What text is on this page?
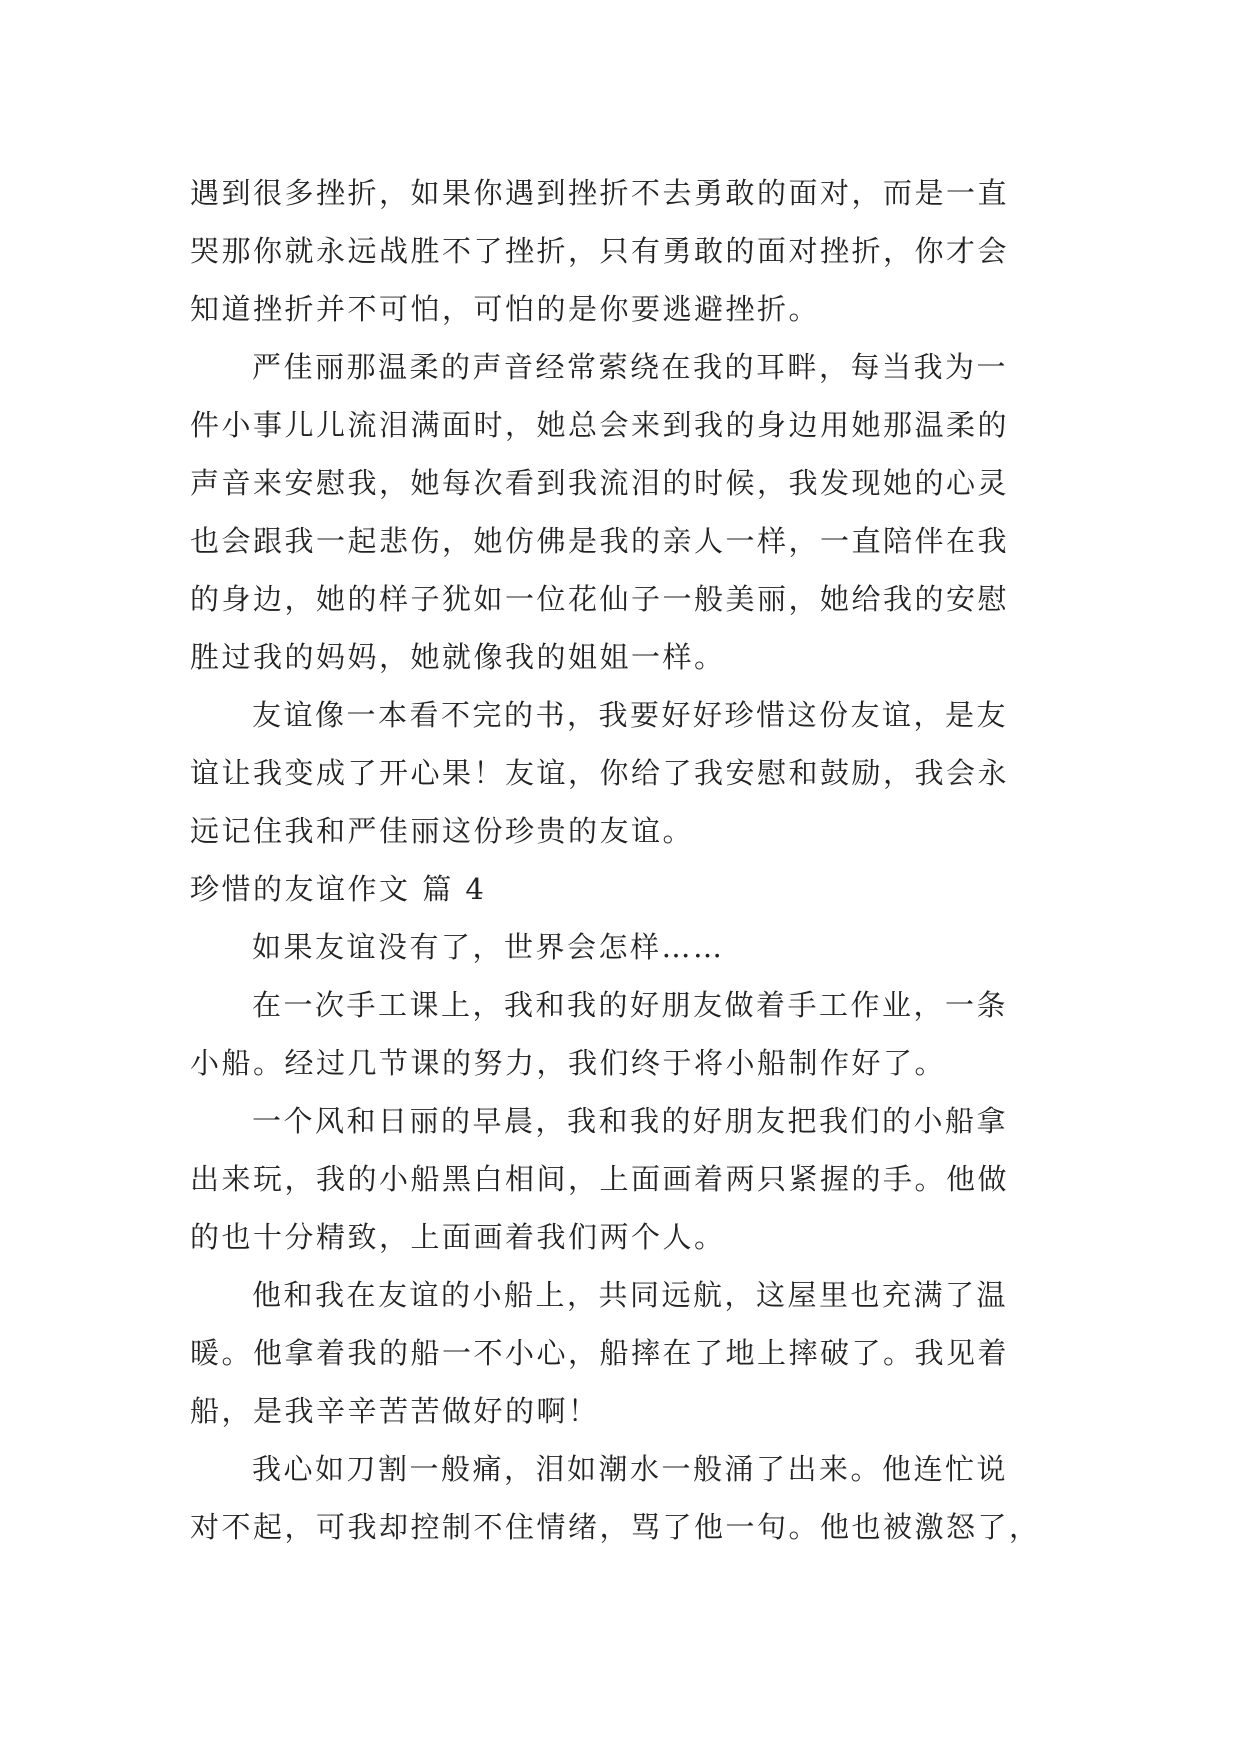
遇到很多挫折，如果你遇到挫折不去勇敢的面对，而是一直
哭那你就永远战胜不了挫折，只有勇敢的面对挫折，你才会
知道挫折并不可怕，可怕的是你要逃避挫折。
严佳丽那温柔的声音经常萦绕在我的耳畔，每当我为一
件小事儿儿流泪满面时，她总会来到我的身边用她那温柔的
声音来安慰我，她每次看到我流泪的时候，我发现她的心灵
也会跟我一起悲伤，她仿佛是我的亲人一样，一直陪伴在我
的身边，她的样子犹如一位花仙子一般美丽，她给我的安慰
胜过我的妈妈，她就像我的姐姐一样。
友谊像一本看不完的书，我要好好珍惜这份友谊，是友
谊让我变成了开心果！友谊，你给了我安慰和鼓励，我会永
远记住我和严佳丽这份珍贵的友谊。
珍惜的友谊作文 篇 4
如果友谊没有了，世界会怎样……
在一次手工课上，我和我的好朋友做着手工作业，一条
小船。经过几节课的努力，我们终于将小船制作好了。
一个风和日丽的早晨，我和我的好朋友把我们的小船拿
出来玩，我的小船黑白相间，上面画着两只紧握的手。他做
的也十分精致，上面画着我们两个人。
他和我在友谊的小船上，共同远航，这屋里也充满了温
暖。他拿着我的船一不小心，船摔在了地上摔破了。我见着
船，是我辛辛苦苦做好的啊！
我心如刀割一般痛，泪如潮水一般涌了出来。他连忙说
对不起，可我却控制不住情绪，骂了他一句。他也被激怒了，
